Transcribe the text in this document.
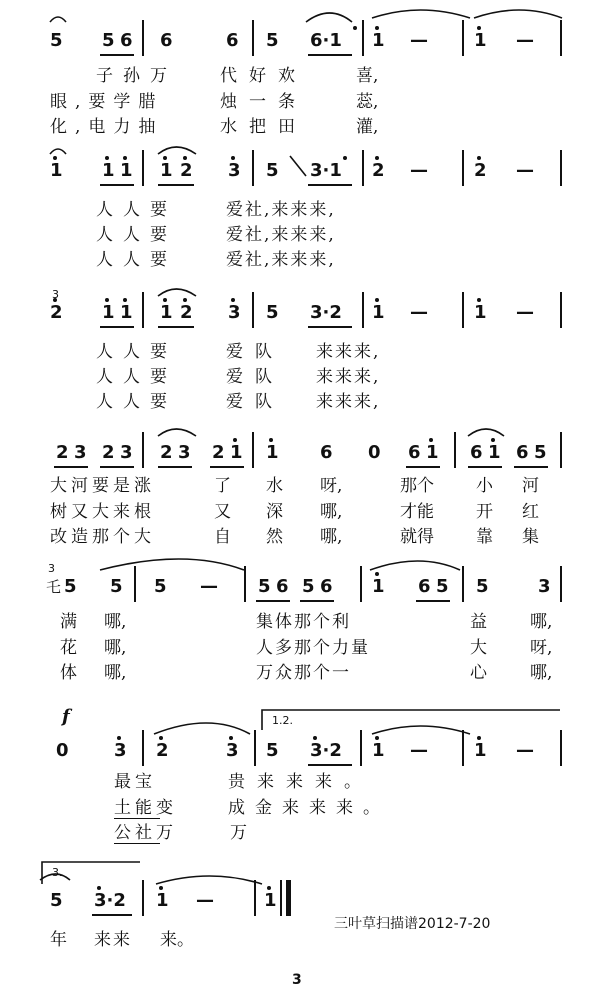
5 5 6 6	6 5 6·1 1 —	1 —
子孙万	代好欢	喜,
眼,要学腊	烛一条	蕊,
化,电力抽	水把田	灌,
1 1 1 1 2 3 5 3·1 2 —	2 —
人人要	爱社,来来来,
人人要	爱社,来来来,
人人要	爱社,来来来,
2 1 1 1 2 3 5 3·2 1 —	1 —
3
人人要	爱队 来来来,
人人要	爱队 来来来,
人人要	爱队 来来来,
2 3 2 3 2 3 2 1 1 6 0 6 1 6 1 6 5
大河要是涨	了 水 呀,	那个 小 河
树又大来根	又 深 哪,	才能 开 红
改造那个大	自 然 哪,	就得 靠 集
乇 5 5 5 — 5 6 5 6 1 6 5 5	3
3
满 哪,	集体那个利	益	哪,
花 哪,	人多那个力量	大	呀,
体 哪,	万众那个一	心	哪,
f	1.2.
0	3 2	3 5 3·2 1 —	1 —
最宝	贵来来来。
土能变	成金来来来。
公社万	万
3.
5 3·2 1 —	1
年 来来 来。
三叶草扫描谱2012-7-20
3
